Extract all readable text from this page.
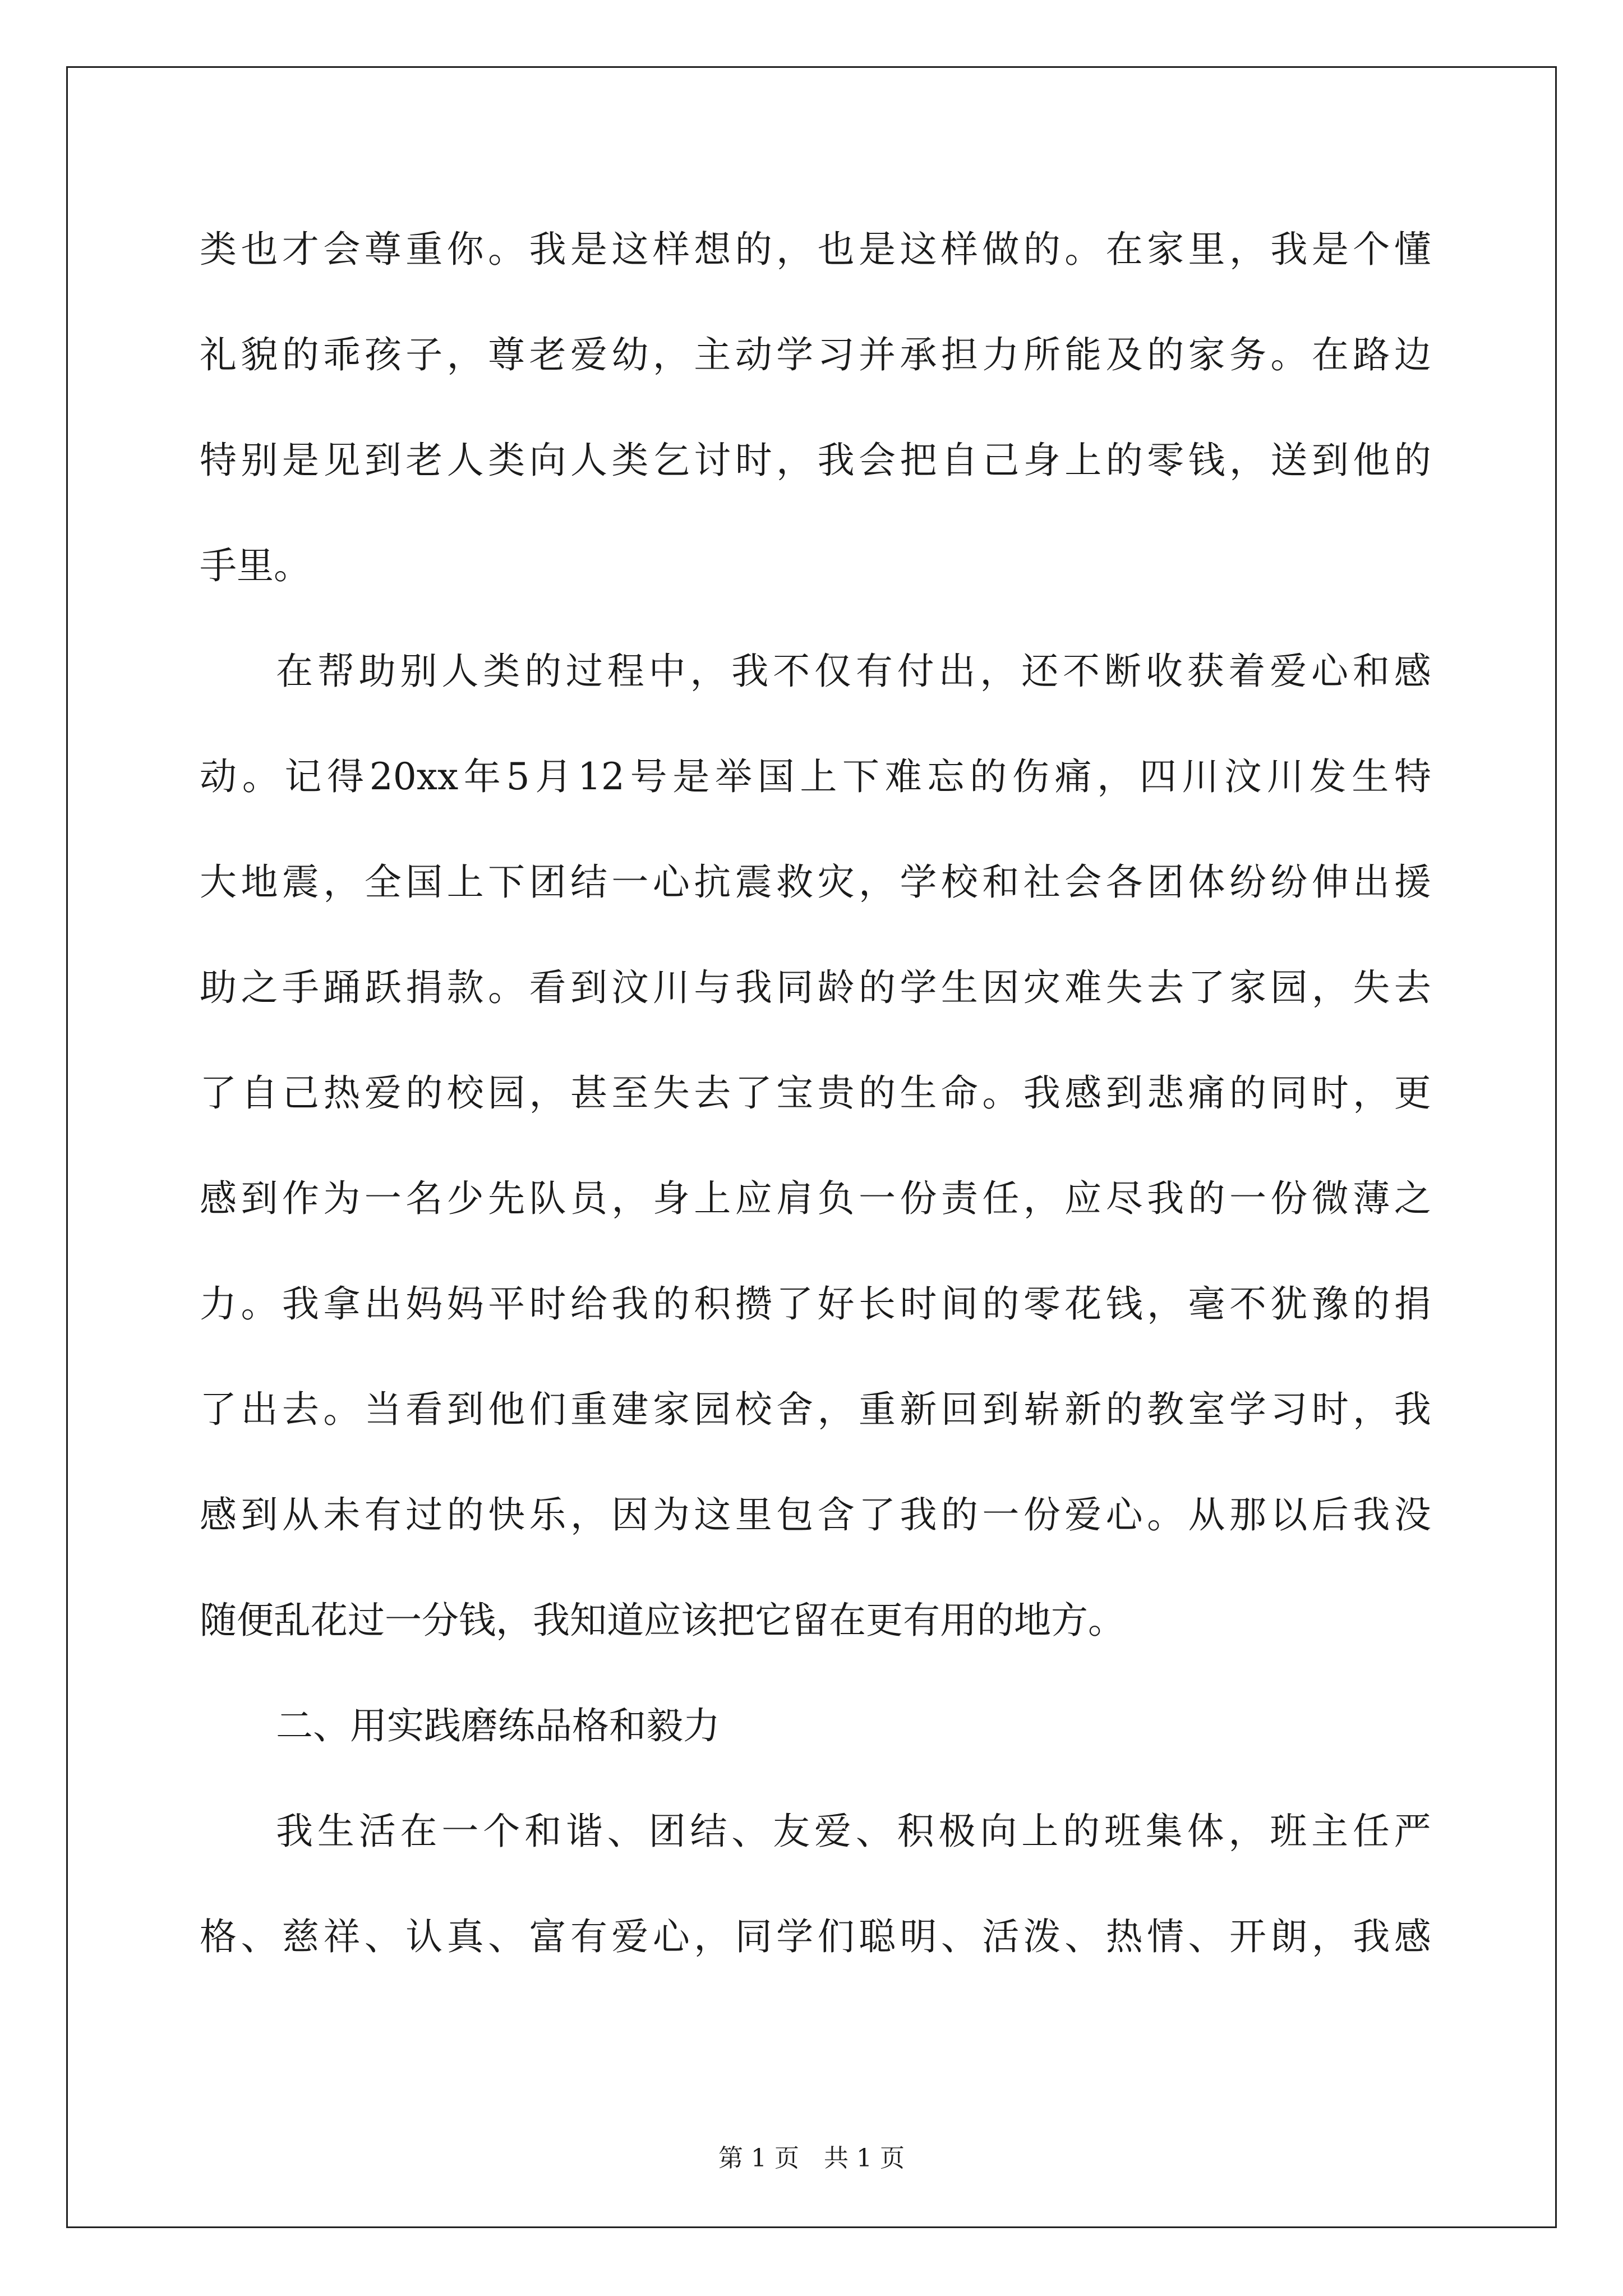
类 也 才 会 尊 重 你 。 我 是 这 样 想 的 ， 也 是 这 样 做 的 。 在 家 里 ， 我 是 个 懂
礼 貌 的 乖 孩 子 ， 尊 老 爱 幼 ， 主 动 学 习 并 承 担 力 所 能 及 的 家 务 。 在 路 边
特 别 是 见 到 老 人 类 向 人 类 乞 讨 时 ， 我 会 把 自 己 身 上 的 零 钱 ， 送 到 他 的
手里。
在 帮 助 别 人 类 的 过 程 中 ， 我 不 仅 有 付 出 ， 还 不 断 收 获 着 爱 心 和 感
动 。 记 得 20xx 年 5 月 12 号 是 举 国 上 下 难 忘 的 伤 痛 ， 四 川 汶 川 发 生 特
大 地 震 ， 全 国 上 下 团 结 一 心 抗 震 救 灾 ， 学 校 和 社 会 各 团 体 纷 纷 伸 出 援
助 之 手 踊 跃 捐 款 。 看 到 汶 川 与 我 同 龄 的 学 生 因 灾 难 失 去 了 家 园 ， 失 去
了 自 己 热 爱 的 校 园 ， 甚 至 失 去 了 宝 贵 的 生 命 。 我 感 到 悲 痛 的 同 时 ， 更
感 到 作 为 一 名 少 先 队 员 ， 身 上 应 肩 负 一 份 责 任 ， 应 尽 我 的 一 份 微 薄 之
力 。 我 拿 出 妈 妈 平 时 给 我 的 积 攒 了 好 长 时 间 的 零 花 钱 ， 毫 不 犹 豫 的 捐
了 出 去 。 当 看 到 他 们 重 建 家 园 校 舍 ， 重 新 回 到 崭 新 的 教 室 学 习 时 ， 我
感 到 从 未 有 过 的 快 乐 ， 因 为 这 里 包 含 了 我 的 一 份 爱 心 。 从 那 以 后 我 没
随便乱花过一分钱，我知道应该把它留在更有用的地方。
二、用实践磨练品格和毅力
我 生 活 在 一 个 和 谐 、 团 结 、 友 爱 、 积 极 向 上 的 班 集 体 ， 班 主 任 严
格 、 慈 祥 、 认 真 、 富 有 爱 心 ， 同 学 们 聪 明 、 活 泼 、 热 情 、 开 朗 ， 我 感
第 1 页　共 1 页
